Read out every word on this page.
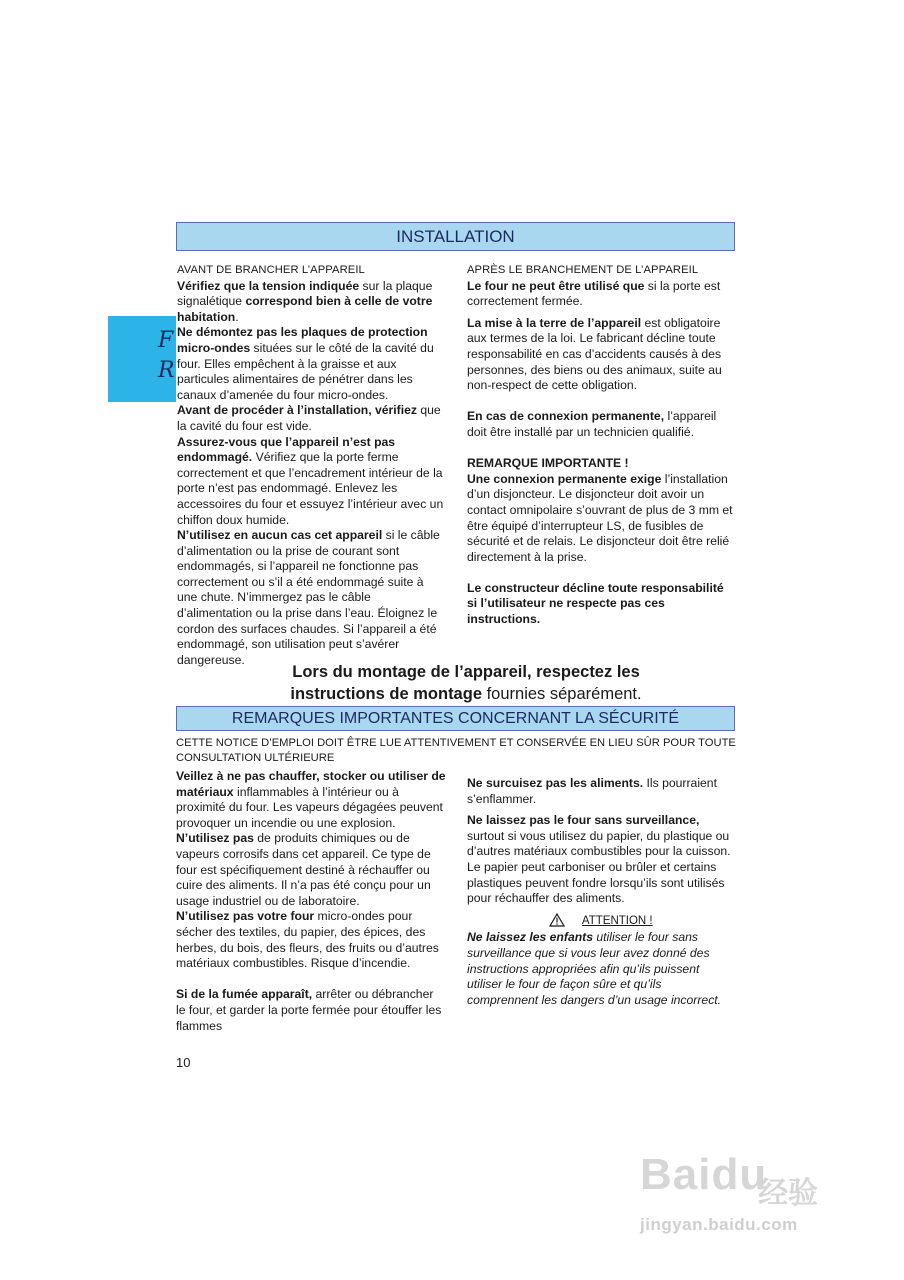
INSTALLATION
F
R

AVANT DE BRANCHER L’APPAREIL

Vérifiez que la tension indiquée sur la plaque signalétique correspond bien à celle de votre habitation.

Ne démontez pas les plaques de protection micro-ondes situées sur le côté de la cavité du four. Elles empêchent à la graisse et aux particules alimentaires de pénétrer dans les canaux d’amenée du four micro-ondes.

Avant de procéder à l’installation, vérifiez que la cavité du four est vide.

Assurez-vous que l’appareil n’est pas endommagé. Vérifiez que la porte ferme correctement et que l’encadrement intérieur de la porte n’est pas endommagé. Enlevez les accessoires du four et essuyez l’intérieur avec un chiffon doux humide.

N’utilisez en aucun cas cet appareil si le câble d’alimentation ou la prise de courant sont endommagés, si l’appareil ne fonctionne pas correctement ou s’il a été endommagé suite à une chute. N’immergez pas le câble d’alimentation ou la prise dans l’eau. Éloignez le cordon des surfaces chaudes. Si l’appareil a été endommagé, son utilisation peut s’avérer dangereuse.

APRÈS LE BRANCHEMENT DE L’APPAREIL

Le four ne peut être utilisé que si la porte est correctement fermée.

La mise à la terre de l’appareil est obligatoire aux termes de la loi. Le fabricant décline toute responsabilité en cas d’accidents causés à des personnes, des biens ou des animaux, suite au non-respect de cette obligation.

En cas de connexion permanente, l’appareil doit être installé par un technicien qualifié.

REMARQUE IMPORTANTE !

Une connexion permanente exige l’installation d’un disjoncteur. Le disjoncteur doit avoir un contact omnipolaire s’ouvrant de plus de 3 mm et être équipé d’interrupteur LS, de fusibles de sécurité et de relais. Le disjoncteur doit être relié directement à la prise.

Le constructeur décline toute responsabilité si l’utilisateur ne respecte pas ces instructions.

Lors du montage de l’appareil, respectez les
instructions de montage fournies séparément.
REMARQUES IMPORTANTES CONCERNANT LA SÉCURITÉ
CETTE NOTICE D’EMPLOI DOIT ÊTRE LUE ATTENTIVEMENT ET CONSERVÉE EN LIEU SÛR POUR TOUTE CONSULTATION ULTÉRIEURE

Veillez à ne pas chauffer, stocker ou utiliser de matériaux inflammables à l’intérieur ou à proximité du four. Les vapeurs dégagées peuvent provoquer un incendie ou une explosion.

N’utilisez pas de produits chimiques ou de vapeurs corrosifs dans cet appareil. Ce type de four est spécifiquement destiné à réchauffer ou cuire des aliments. Il n’a pas été conçu pour un usage industriel ou de laboratoire.

N’utilisez pas votre four micro-ondes pour sécher des textiles, du papier, des épices, des herbes, du bois, des fleurs, des fruits ou d’autres matériaux combustibles. Risque d’incendie.

Si de la fumée apparaît, arrêter ou débrancher le four, et garder la porte fermée pour étouffer les flammes

Ne surcuisez pas les aliments. Ils pourraient s’enflammer.

Ne laissez pas le four sans surveillance, surtout si vous utilisez du papier, du plastique ou d’autres matériaux combustibles pour la cuisson. Le papier peut carboniser ou brûler et certains plastiques peuvent fondre lorsqu’ils sont utilisés pour réchauffer des aliments.

ATTENTION !

Ne laissez les enfants utiliser le four sans surveillance que si vous leur avez donné des instructions appropriées afin qu’ils puissent utiliser le four de façon sûre et qu’ils comprennent les dangers d’un usage incorrect.

10
Baidu
经验
jingyan.baidu.com
